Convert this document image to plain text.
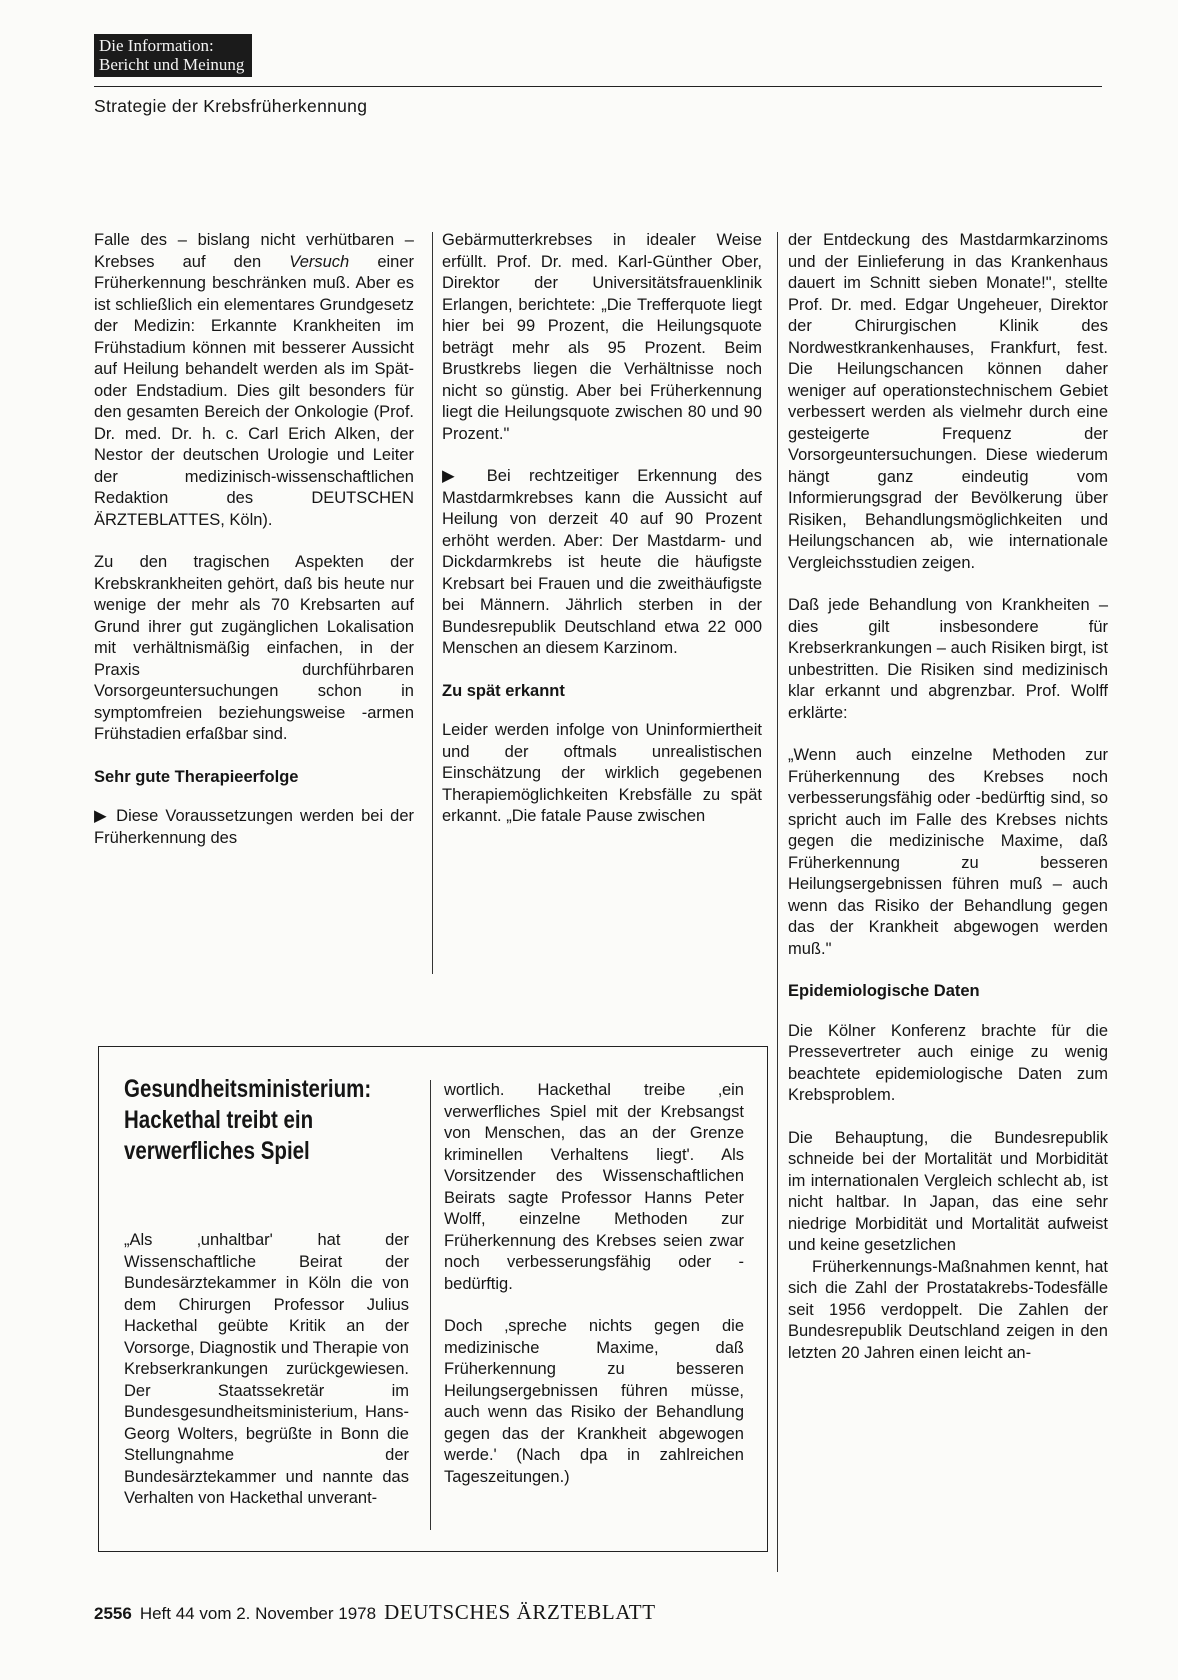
Die Information:
Bericht und Meinung
Strategie der Krebsfrüherkennung

Falle des – bislang nicht verhütbaren – Krebses auf den Versuch einer Früherkennung beschränken muß. Aber es ist schließlich ein elementares Grundgesetz der Medizin: Erkannte Krankheiten im Frühstadium können mit besserer Aussicht auf Heilung behandelt werden als im Spät- oder Endstadium. Dies gilt besonders für den gesamten Bereich der Onkologie (Prof. Dr. med. Dr. h. c. Carl Erich Alken, der Nestor der deutschen Urologie und Leiter der medizinisch-wissenschaftlichen Redaktion des DEUTSCHEN ÄRZTEBLATTES, Köln).

Zu den tragischen Aspekten der Krebskrankheiten gehört, daß bis heute nur wenige der mehr als 70 Krebsarten auf Grund ihrer gut zugänglichen Lokalisation mit verhältnismäßig einfachen, in der Praxis durchführbaren Vorsorgeuntersuchungen schon in symptomfreien beziehungsweise -armen Frühstadien erfaßbar sind.

Sehr gute Therapieerfolge

▶ Diese Voraussetzungen werden bei der Früherkennung des

Gebärmutterkrebses in idealer Weise erfüllt. Prof. Dr. med. Karl-Günther Ober, Direktor der Universitätsfrauenklinik Erlangen, berichtete: „Die Trefferquote liegt hier bei 99 Prozent, die Heilungsquote beträgt mehr als 95 Prozent. Beim Brustkrebs liegen die Verhältnisse noch nicht so günstig. Aber bei Früherkennung liegt die Heilungsquote zwischen 80 und 90 Prozent."

▶ Bei rechtzeitiger Erkennung des Mastdarmkrebses kann die Aussicht auf Heilung von derzeit 40 auf 90 Prozent erhöht werden. Aber: Der Mastdarm- und Dickdarmkrebs ist heute die häufigste Krebsart bei Frauen und die zweithäufigste bei Männern. Jährlich sterben in der Bundesrepublik Deutschland etwa 22 000 Menschen an diesem Karzinom.

Zu spät erkannt

Leider werden infolge von Uninformiertheit und der oftmals unrealistischen Einschätzung der wirklich gegebenen Therapiemöglichkeiten Krebsfälle zu spät erkannt. „Die fatale Pause zwischen

der Entdeckung des Mastdarmkarzinoms und der Einlieferung in das Krankenhaus dauert im Schnitt sieben Monate!", stellte Prof. Dr. med. Edgar Ungeheuer, Direktor der Chirurgischen Klinik des Nordwestkrankenhauses, Frankfurt, fest. Die Heilungschancen können daher weniger auf operationstechnischem Gebiet verbessert werden als vielmehr durch eine gesteigerte Frequenz der Vorsorgeuntersuchungen. Diese wiederum hängt ganz eindeutig vom Informierungsgrad der Bevölkerung über Risiken, Behandlungsmöglichkeiten und Heilungschancen ab, wie internationale Vergleichsstudien zeigen.

Daß jede Behandlung von Krankheiten – dies gilt insbesondere für Krebserkrankungen – auch Risiken birgt, ist unbestritten. Die Risiken sind medizinisch klar erkannt und abgrenzbar. Prof. Wolff erklärte:

„Wenn auch einzelne Methoden zur Früherkennung des Krebses noch verbesserungsfähig oder -bedürftig sind, so spricht auch im Falle des Krebses nichts gegen die medizinische Maxime, daß Früherkennung zu besseren Heilungsergebnissen führen muß – auch wenn das Risiko der Behandlung gegen das der Krankheit abgewogen werden muß."

Epidemiologische Daten

Die Kölner Konferenz brachte für die Pressevertreter auch einige zu wenig beachtete epidemiologische Daten zum Krebsproblem.

Die Behauptung, die Bundesrepublik schneide bei der Mortalität und Morbidität im internationalen Vergleich schlecht ab, ist nicht haltbar. In Japan, das eine sehr niedrige Morbidität und Mortalität aufweist und keine gesetzlichen

Früherkennungs-Maßnahmen kennt, hat sich die Zahl der Prostatakrebs-Todesfälle seit 1956 verdoppelt. Die Zahlen der Bundesrepublik Deutschland zeigen in den letzten 20 Jahren einen leicht an-

Gesundheitsministerium:
Hackethal treibt ein
verwerfliches Spiel

„Als ‚unhaltbar' hat der Wissenschaftliche Beirat der Bundesärztekammer in Köln die von dem Chirurgen Professor Julius Hackethal geübte Kritik an der Vorsorge, Diagnostik und Therapie von Krebserkrankungen zurückgewiesen. Der Staatssekretär im Bundesgesundheitsministerium, Hans-Georg Wolters, begrüßte in Bonn die Stellungnahme der Bundesärztekammer und nannte das Verhalten von Hackethal unverant-

wortlich. Hackethal treibe ‚ein verwerfliches Spiel mit der Krebsangst von Menschen, das an der Grenze kriminellen Verhaltens liegt'. Als Vorsitzender des Wissenschaftlichen Beirats sagte Professor Hanns Peter Wolff, einzelne Methoden zur Früherkennung des Krebses seien zwar noch verbesserungsfähig oder -bedürftig.

Doch ‚spreche nichts gegen die medizinische Maxime, daß Früherkennung zu besseren Heilungsergebnissen führen müsse, auch wenn das Risiko der Behandlung gegen das der Krankheit abgewogen werde.' (Nach dpa in zahlreichen Tageszeitungen.)

2556 Heft 44 vom 2. November 1978 DEUTSCHES ÄRZTEBLATT
